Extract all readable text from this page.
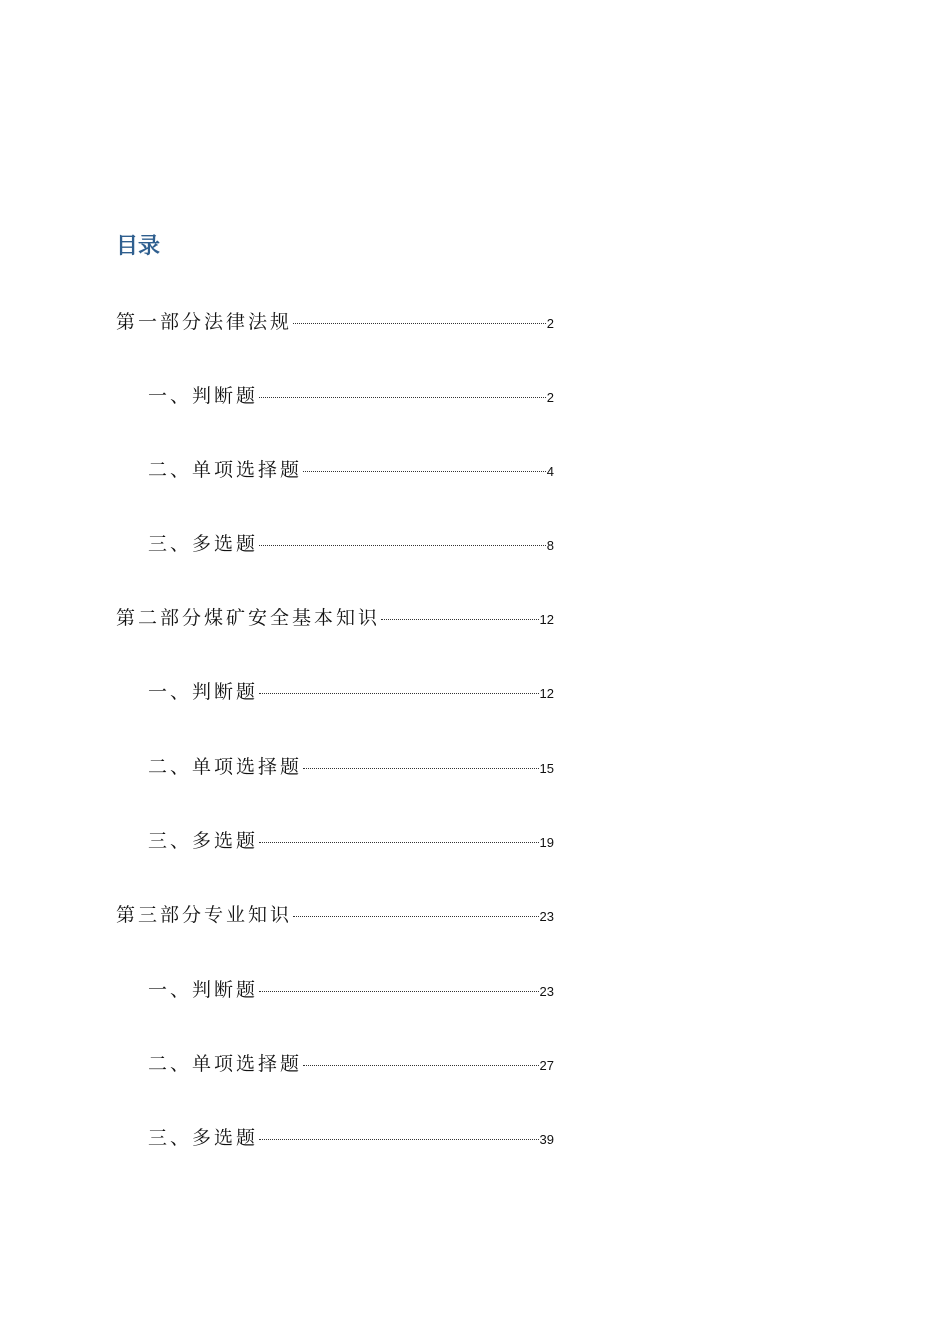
目录
第一部分法律法规	2
一、判断题	2
二、单项选择题	4
三、多选题	8
第二部分煤矿安全基本知识	12
一、判断题	12
二、单项选择题	15
三、多选题	19
第三部分专业知识	23
一、判断题	23
二、单项选择题	27
三、多选题	39
